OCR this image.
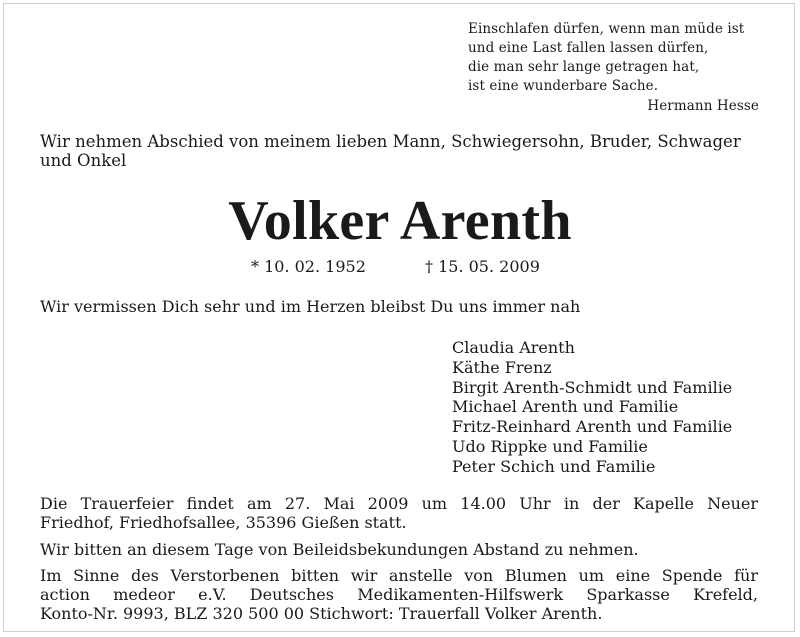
Einschlafen dürfen, wenn man müde ist
und eine Last fallen lassen dürfen,
die man sehr lange getragen hat,
ist eine wunderbare Sache.
Hermann Hesse
Wir nehmen Abschied von meinem lieben Mann, Schwiegersohn, Bruder, Schwager
und Onkel
Volker Arenth
* 10. 02. 1952	† 15. 05. 2009
Wir vermissen Dich sehr und im Herzen bleibst Du uns immer nah
Claudia Arenth
Käthe Frenz
Birgit Arenth-Schmidt und Familie
Michael Arenth und Familie
Fritz-Reinhard Arenth und Familie
Udo Rippke und Familie
Peter Schich und Familie
Die Trauerfeier findet am 27. Mai 2009 um 14.00 Uhr in der Kapelle Neuer
Friedhof, Friedhofsallee, 35396 Gießen statt.
Wir bitten an diesem Tage von Beileidsbekundungen Abstand zu nehmen.
Im Sinne des Verstorbenen bitten wir anstelle von Blumen um eine Spende für
action medeor e.V. Deutsches Medikamenten-Hilfswerk Sparkasse Krefeld,
Konto-Nr. 9993, BLZ 320 500 00 Stichwort: Trauerfall Volker Arenth.
